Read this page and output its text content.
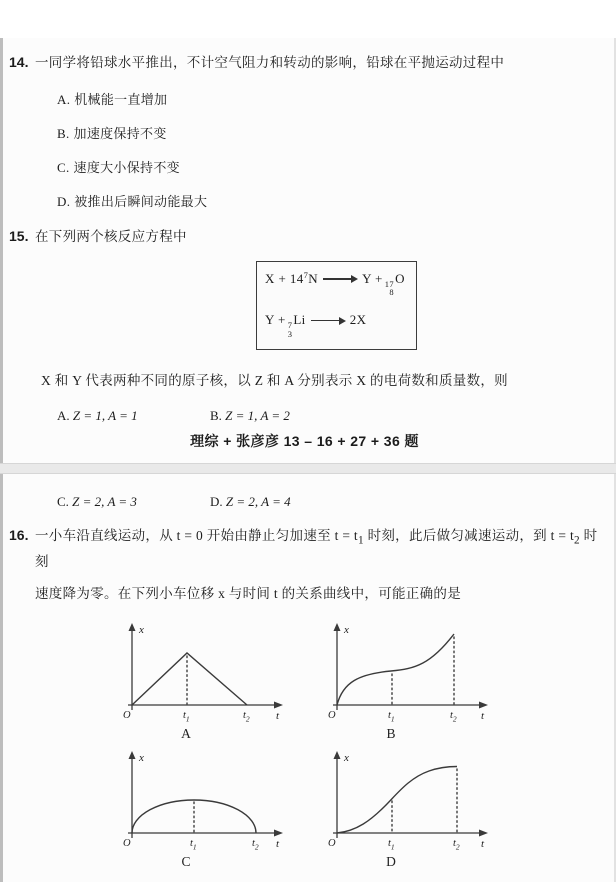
14. 一同学将铅球水平推出，不计空气阻力和转动的影响，铅球在平抛运动过程中
A. 机械能一直增加
B. 加速度保持不变
C. 速度大小保持不变
D. 被推出后瞬间动能最大
15. 在下列两个核反应方程中
$X + 14^7N \to Y + 17$
8
O
Y + 7
3
Li → 2X
X 和 Y 代表两种不同的原子核，以 Z 和 A 分别表示 X 的电荷数和质量数，则
A. Z = 1, A = 1	B. Z = 1, A = 2
理综 + 张彦彦 13 – 16 + 27 + 36 题
C. Z = 2, A = 3	D. Z = 2, A = 4
16. 一小车沿直线运动，从 t = 0 开始由静止匀加速至 $t = t_1$ 时刻，此后做匀减速运动，到 $t = t_2$ 时刻
速度降为零。在下列小车位移 x 与时间 t 的关系曲线中，可能正确的是
O
x
t
$t_1$	$t_2$
A
O
x
t
$t_1$	$t_2$
B
O
x
t
$t_1$	$t_2$
C
O
x
t
$t_1$	$t_2$
D
